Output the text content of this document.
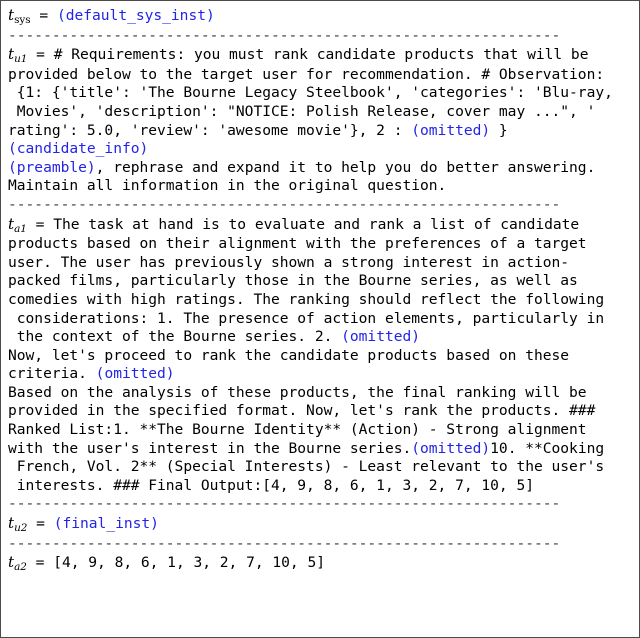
$t_{sys}$ = (default_sys_inst)
---------------------------------------------------------------
$t_{u1}$ = # Requirements: you must rank candidate products that will be
provided below to the target user for recommendation. # Observation:
{1: {'title': 'The Bourne Legacy Steelbook', 'categories': 'Blu-ray,
Movies', 'description': "NOTICE: Polish Release, cover may ...", '
rating': 5.0, 'review': 'awesome movie'}, 2 : (omitted) }
(candidate_info)
(preamble), rephrase and expand it to help you do better answering.
Maintain all information in the original question.
---------------------------------------------------------------
$t_{a1}$ = The task at hand is to evaluate and rank a list of candidate
products based on their alignment with the preferences of a target
user. The user has previously shown a strong interest in action-
packed films, particularly those in the Bourne series, as well as
comedies with high ratings. The ranking should reflect the following
considerations: 1. The presence of action elements, particularly in
the context of the Bourne series. 2. (omitted)
Now, let's proceed to rank the candidate products based on these
criteria. (omitted)
Based on the analysis of these products, the final ranking will be
provided in the specified format. Now, let's rank the products. ###
Ranked List:1. **The Bourne Identity** (Action) - Strong alignment
with the user's interest in the Bourne series.(omitted)10. **Cooking
French, Vol. 2** (Special Interests) - Least relevant to the user's
interests. ### Final Output:[4, 9, 8, 6, 1, 3, 2, 7, 10, 5]
---------------------------------------------------------------
$t_{u2}$ = (final_inst)
---------------------------------------------------------------
$t_{a2} = [4$, 9, 8, 6, 1, 3, 2, 7, 10, 5]
